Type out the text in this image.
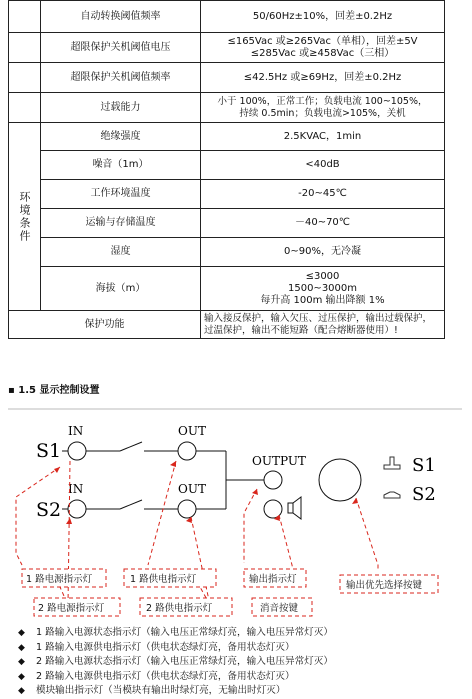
	自动转换阈值频率	50/60Hz±10%，回差±0.2Hz
	超限保护关机阈值电压	≤165Vac 或≥265Vac（单相），回差±5V
≤285Vac 或≥458Vac（三相）
	超限保护关机阈值频率	≤42.5Hz 或≥69Hz，回差±0.2Hz
	过载能力	小于 100%，正常工作；负载电流 100~105%，
持续 0.5min；负载电流>105%，关机

环境条件	绝缘强度	2.5KVAC，1min
	噪音（1m）	<40dB
	工作环境温度	-20~45℃
	运输与存储温度	－40~70℃
	湿度	0~90%，无冷凝
	海拔（m）	≤3000
1500~3000m
每升高 100m 输出降额 1%
保护功能		输入接反保护，输入欠压、过压保护，输出过载保护，过温保护，输出不能短路（配合熔断器使用）!
▪ 1.5 显示控制设置
S1
IN	OUT
S2
IN	OUT
OUTPUT	S1
S2
1 路电源指示灯	1 路供电指示灯	输出指示灯
输出优先选择按键
2 路电源指示灯	2 路供电指示灯	消音按键
◆ 1 路输入电源状态指示灯（输入电压正常绿灯亮，输入电压异常灯灭）
◆ 1 路输入电源供电指示灯（供电状态绿灯亮，备用状态灯灭）
◆ 2 路输入电源状态指示灯（输入电压正常绿灯亮，输入电压异常灯灭）
◆ 2 路输入电源供电指示灯（供电状态绿灯亮，备用状态灯灭）
◆ 模块输出指示灯（当模块有输出时绿灯亮，无输出时灯灭）
